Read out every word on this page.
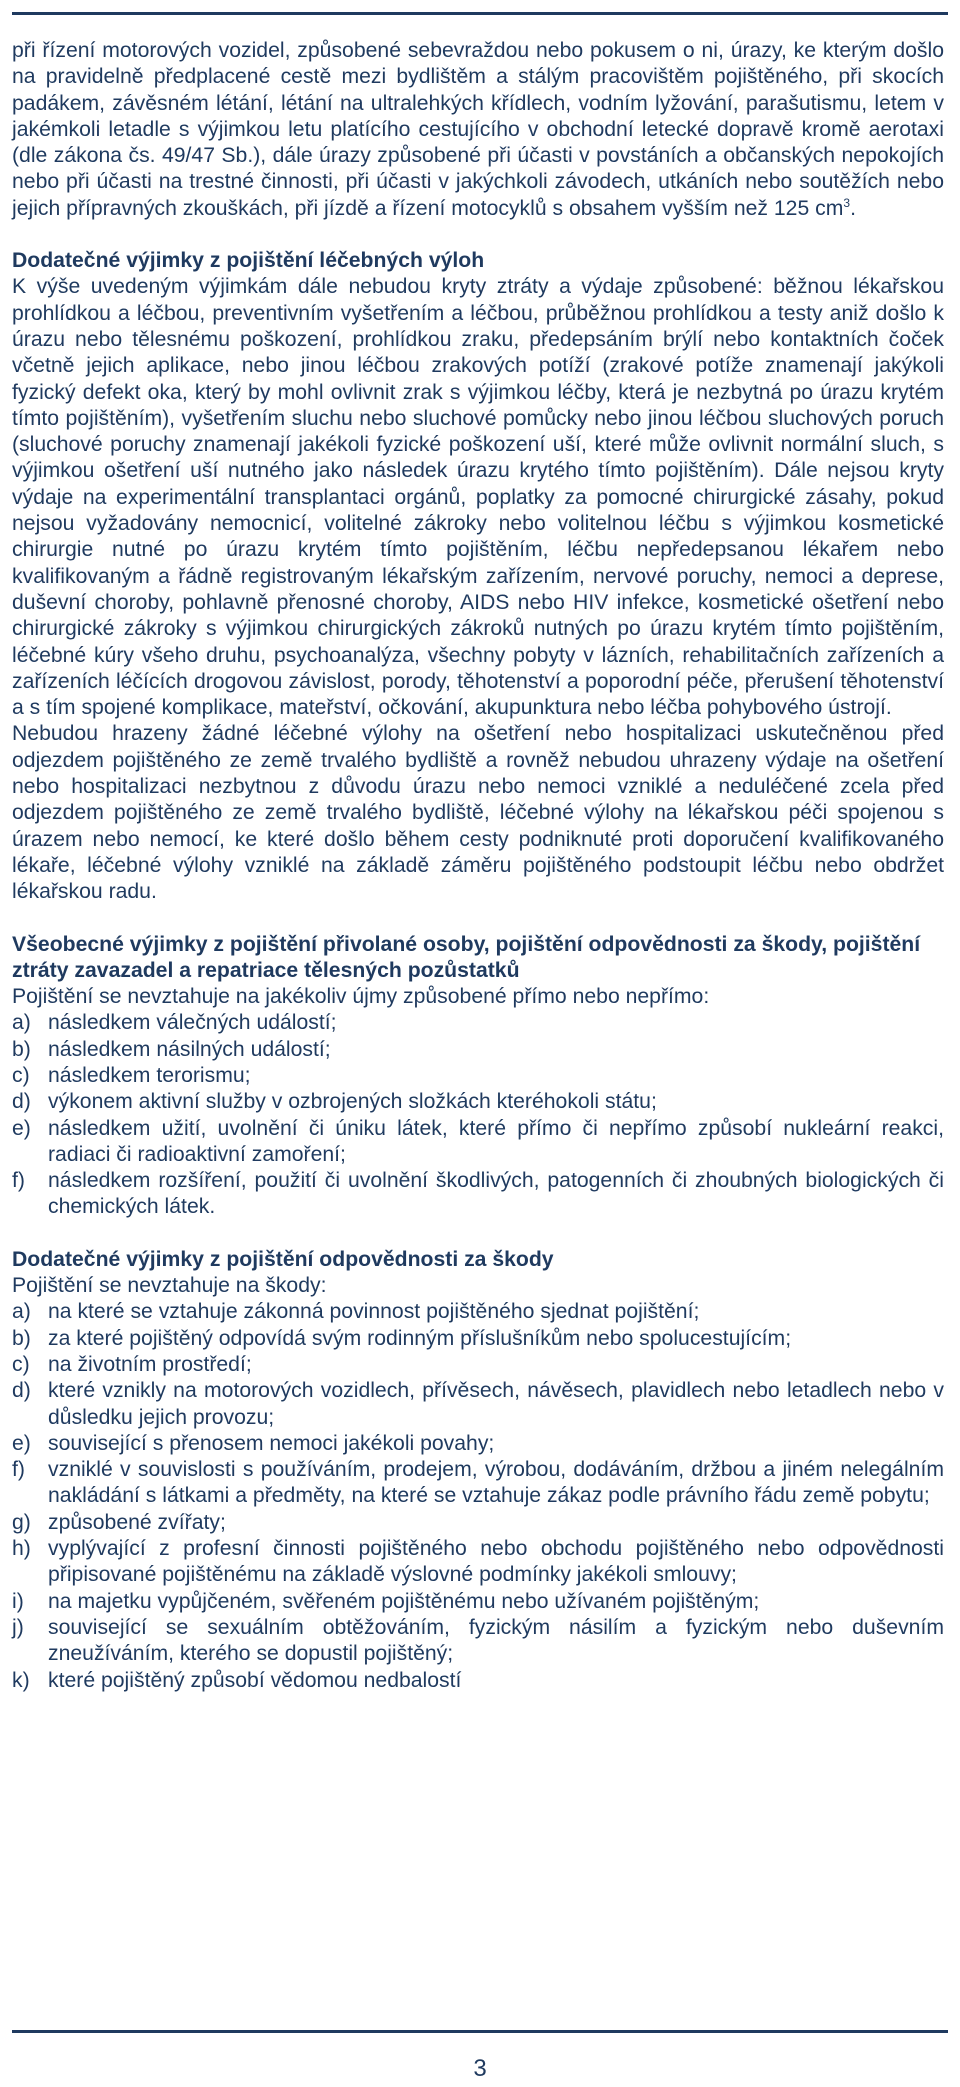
při řízení motorových vozidel, způsobené sebevraždou nebo pokusem o ni, úrazy, ke kterým došlo na pravidelně předplacené cestě mezi bydlištěm a stálým pracovištěm pojištěného, při skocích padákem, závěsném létání, létání na ultralehkých křídlech, vodním lyžování, parašutismu, letem v jakémkoli letadle s výjimkou letu platícího cestujícího v obchodní letecké dopravě kromě aerotaxi (dle zákona čs. 49/47 Sb.), dále úrazy způsobené při účasti v povstáních a občanských nepokojích nebo při účasti na trestné činnosti, při účasti v jakýchkoli závodech, utkáních nebo soutěžích nebo jejich přípravných zkouškách, při jízdě a řízení motocyklů s obsahem vyšším než 125 $cm^3$.

Dodatečné výjimky z pojištění léčebných výloh

K výše uvedeným výjimkám dále nebudou kryty ztráty a výdaje způsobené: běžnou lékařskou prohlídkou a léčbou, preventivním vyšetřením a léčbou, průběžnou prohlídkou a testy aniž došlo k úrazu nebo tělesnému poškození, prohlídkou zraku, předepsáním brýlí nebo kontaktních čoček včetně jejich aplikace, nebo jinou léčbou zrakových potíží (zrakové potíže znamenají jakýkoli fyzický defekt oka, který by mohl ovlivnit zrak s výjimkou léčby, která je nezbytná po úrazu krytém tímto pojištěním), vyšetřením sluchu nebo sluchové pomůcky nebo jinou léčbou sluchových poruch (sluchové poruchy znamenají jakékoli fyzické poškození uší, které může ovlivnit normální sluch, s výjimkou ošetření uší nutného jako následek úrazu krytého tímto pojištěním). Dále nejsou kryty výdaje na experimentální transplantaci orgánů, poplatky za pomocné chirurgické zásahy, pokud nejsou vyžadovány nemocnicí, volitelné zákroky nebo volitelnou léčbu s výjimkou kosmetické chirurgie nutné po úrazu krytém tímto pojištěním, léčbu nepředepsanou lékařem nebo kvalifikovaným a řádně registrovaným lékařským zařízením, nervové poruchy, nemoci a deprese, duševní choroby, pohlavně přenosné choroby, AIDS nebo HIV infekce, kosmetické ošetření nebo chirurgické zákroky s výjimkou chirurgických zákroků nutných po úrazu krytém tímto pojištěním, léčebné kúry všeho druhu, psychoanalýza, všechny pobyty v lázních, rehabilitačních zařízeních a zařízeních léčících drogovou závislost, porody, těhotenství a poporodní péče, přerušení těhotenství a s tím spojené komplikace, mateřství, očkování, akupunktura nebo léčba pohybového ústrojí.

Nebudou hrazeny žádné léčebné výlohy na ošetření nebo hospitalizaci uskutečněnou před odjezdem pojištěného ze země trvalého bydliště a rovněž nebudou uhrazeny výdaje na ošetření nebo hospitalizaci nezbytnou z důvodu úrazu nebo nemoci vzniklé a neduléčené zcela před odjezdem pojištěného ze země trvalého bydliště, léčebné výlohy na lékařskou péči spojenou s úrazem nebo nemocí, ke které došlo během cesty podniknuté proti doporučení kvalifikovaného lékaře, léčebné výlohy vzniklé na základě záměru pojištěného podstoupit léčbu nebo obdržet lékařskou radu.

Všeobecné výjimky z pojištění přivolané osoby, pojištění odpovědnosti za škody, pojištění ztráty zavazadel a repatriace tělesných pozůstatků

Pojištění se nevztahuje na jakékoliv újmy způsobené přímo nebo nepřímo:

a) následkem válečných událostí;
b) následkem násilných událostí;
c) následkem terorismu;
d) výkonem aktivní služby v ozbrojených složkách kteréhokoli státu;
e) následkem užití, uvolnění či úniku látek, které přímo či nepřímo způsobí nukleární reakci, radiaci či radioaktivní zamoření;
f) následkem rozšíření, použití či uvolnění škodlivých, patogenních či zhoubných biologických či chemických látek.
Dodatečné výjimky z pojištění odpovědnosti za škody

Pojištění se nevztahuje na škody:

a) na které se vztahuje zákonná povinnost pojištěného sjednat pojištění;
b) za které pojištěný odpovídá svým rodinným příslušníkům nebo spolucestujícím;
c) na životním prostředí;
d) které vznikly na motorových vozidlech, přívěsech, návěsech, plavidlech nebo letadlech nebo v důsledku jejich provozu;
e) související s přenosem nemoci jakékoli povahy;
f) vzniklé v souvislosti s používáním, prodejem, výrobou, dodáváním, držbou a jiném nelegálním nakládání s látkami a předměty, na které se vztahuje zákaz podle právního řádu země pobytu;
g) způsobené zvířaty;
h) vyplývající z profesní činnosti pojištěného nebo obchodu pojištěného nebo odpovědnosti připisované pojištěnému na základě výslovné podmínky jakékoli smlouvy;
i) na majetku vypůjčeném, svěřeném pojištěnému nebo užívaném pojištěným;
j) související se sexuálním obtěžováním, fyzickým násilím a fyzickým nebo duševním zneužíváním, kterého se dopustil pojištěný;
k) které pojištěný způsobí vědomou nedbalostí
3
